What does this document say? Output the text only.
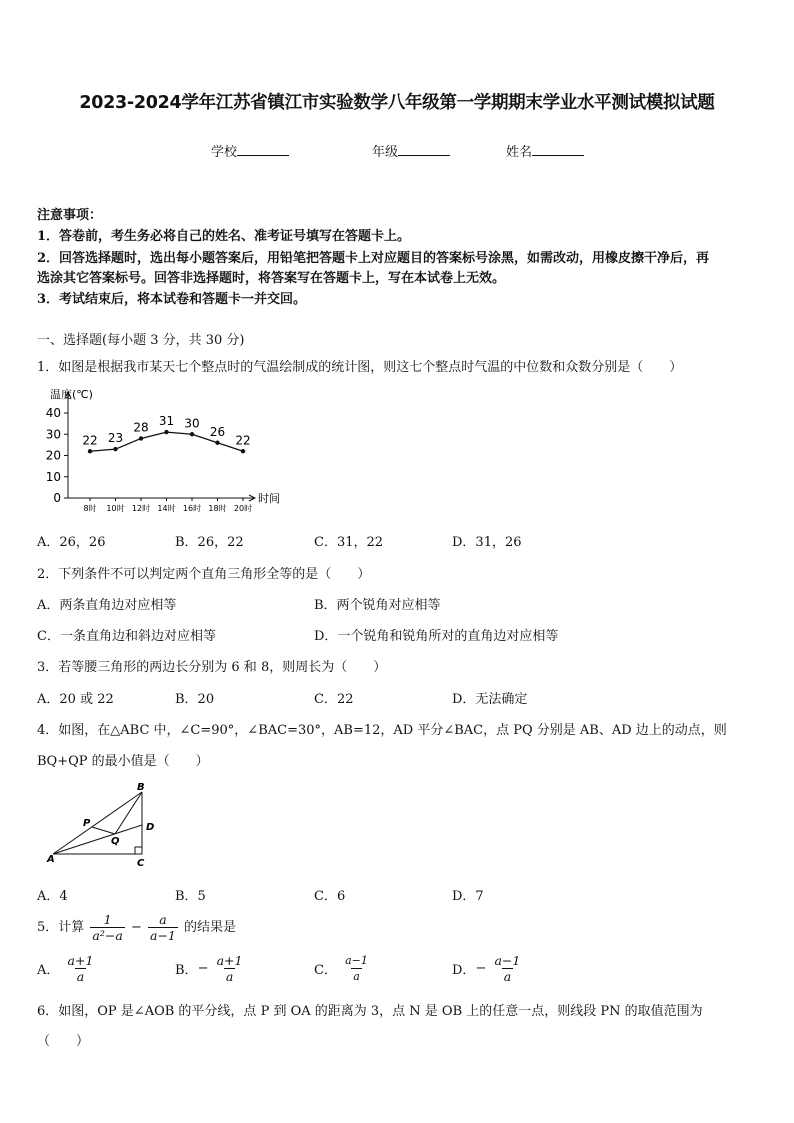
2023-2024学年江苏省镇江市实验数学八年级第一学期期末学业水平测试模拟试题
学校	年级	姓名
注意事项：
1．答卷前，考生务必将自己的姓名、准考证号填写在答题卡上。
2．回答选择题时，选出每小题答案后，用铅笔把答题卡上对应题目的答案标号涂黑，如需改动，用橡皮擦干净后，再
选涂其它答案标号。回答非选择题时，将答案写在答题卡上，写在本试卷上无效。
3．考试结束后，将本试卷和答题卡一并交回。
一、选择题(每小题 3 分，共 30 分)
1．如图是根据我市某天七个整点时的气温绘制成的统计图，则这七个整点时气温的中位数和众数分别是（　　）
0
10
20
30
40
温度(℃)
时间
8时 10时 12时 14时 16时 18时 20时
22 23
28 31 30
26
22
A．26，26	B．26，22	C．31，22	D．31，26
2．下列条件不可以判定两个直角三角形全等的是（　　）
A．两条直角边对应相等	B．两个锐角对应相等
C．一条直角边和斜边对应相等	D．一个锐角和锐角所对的直角边对应相等
3．若等腰三角形的两边长分别为 6 和 8，则周长为（　　）
A．20 或 22	B．20	C．22	D．无法确定
4．如图，在△ABC 中，∠C=90°，∠BAC=30°，AB=12，AD 平分∠BAC，点 PQ 分别是 AB、AD 边上的动点，则
BQ+QP 的最小值是（　　）
B
A	C
D
P
Q
A．4	B．5	C．6	D．7
5．计算 $\frac{1}{\text{a²−a}} - \frac{a}{a-1}$ 的结果是
A． $\frac{a+1}{a}$	B．− $\frac{a+1}{a}$	C． $\frac{a-1}{a}$	D．− $\frac{a-1}{a}$
6．如图，OP 是∠AOB 的平分线，点 P 到 OA 的距离为 3，点 N 是 OB 上的任意一点，则线段 PN 的取值范围为
（　　）
